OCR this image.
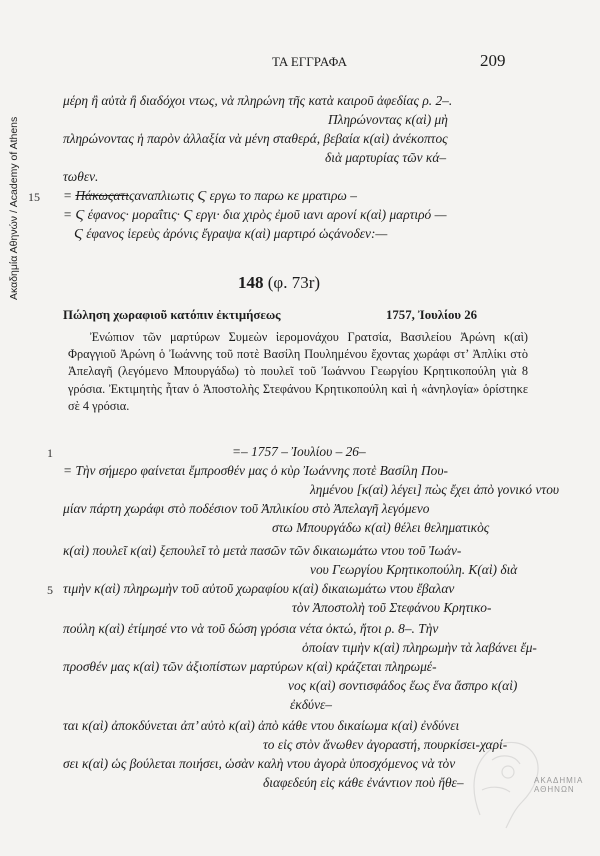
Ακαδημία Αθηνών / Academy of Athens
ΤΑ ΕΓΓΡΑΦΑ	209
μέρη ἢ αὐτὰ ἢ διαδόχοι ντως, νὰ πληρώνη τῆς κατὰ καιροῦ ἀφεδίας ρ. 2–.
Πληρώνοντας κ(αὶ) μὴ
πληρώνοντας ἡ παρὸν ἀλλαξία νὰ μένη σταθερά, βεβαία κ(αὶ) ἀνέκοπτος
διὰ μαρτυρίας τῶν κά–
τωθεν.
15 = Πάκωςατιςαναπλιωτις Ϛ εργω το παρω κε μρατιρω –
= Ϛ έφανος· μοραΐτις· Ϛ εργι· δια χιρὸς ἐμοῦ ιανι αρονί κ(αὶ) μαρτιρό —
Ϛ έφανος ἱερεὺς ἀρόνις ἔγραψα κ(αὶ) μαρτιρό ὡςάνοδεν:—
148 (φ. 73r)
Πώληση χωραφιοῦ κατόπιν ἐκτιμήσεως	1757, Ἰουλίου 26

Ἐνώπιον τῶν μαρτύρων Συμεὼν ἱερομονάχου Γρατσία, Βασιλείου Ἀρώνη κ(αὶ) Φραγγιοῦ Ἀρώνη ὁ Ἰωάννης τοῦ ποτὲ Βασίλη Πουλημένου ἔχοντας χωράφι στ’ Ἀπλίκι στὸ Ἀπελαγῆ (λεγόμενο Μπουργάδω) τὸ πουλεῖ τοῦ Ἰωάννου Γεωργίου Κρητικοπούλη γιὰ 8 γρόσια. Ἐκτιμητὴς ἦταν ὁ Ἀποστολὴς Στεφάνου Κρητικοπούλη καὶ ἡ «ἀνηλογία» ὁρίστηκε σὲ 4 γρόσια.

1	=– 1757 – Ἰουλίου – 26–
= Τὴν σήμερο φαίνεται ἔμπροσθέν μας ὁ κὺρ Ἰωάννης ποτὲ Βασίλη Που-
λημένου [κ(αὶ) λέγει] πὼς ἔχει ἀπὸ γονικό ντου
μίαν πάρτη χωράφι στὸ ποδέσιον τοῦ Ἀπλικίου στὸ Ἀπελαγῆ λεγόμενο
στω Μπουργάδω κ(αὶ) θέλει θεληματικὸς
κ(αὶ) πουλεῖ κ(αὶ) ξεπουλεῖ τὸ μετὰ πασῶν τῶν δικαιωμάτω ντου τοῦ Ἰωάν-
νου Γεωργίου Κρητικοπούλη. Κ(αὶ) διὰ
5 τιμὴν κ(αὶ) πληρωμὴν τοῦ αὐτοῦ χωραφίου κ(αὶ) δικαιωμάτω ντου ἔβαλαν
τὸν Ἀποστολὴ τοῦ Στεφάνου Κρητικο-
πούλη κ(αὶ) ἐτίμησέ ντο νὰ τοῦ δώση γρόσια νέτα ὀκτώ, ἤτοι ρ. 8–. Τὴν
ὁποίαν τιμὴν κ(αὶ) πληρωμὴν τὰ λαβάνει ἔμ-
προσθέν μας κ(αὶ) τῶν ἀξιοπίστων μαρτύρων κ(αὶ) κράζεται πληρωμέ-
νος κ(αὶ) σοντισφάδος ἕως ἕνα ἄσπρο κ(αὶ)
ἐκδύνε–
ται κ(αὶ) ἀποκδύνεται ἀπ’ αὐτὸ κ(αὶ) ἀπὸ κάθε ντου δικαίωμα κ(αὶ) ἐνδύνει
το εἰς στὸν ἄνωθεν ἀγοραστή, πουρκίσει-χαρί-
σει κ(αὶ) ὡς βούλεται ποιήσει, ὡσὰν καλὴ ντου ἀγορὰ ὑποσχόμενος νὰ τὸν
διαφεδεύη εἰς κάθε ἐνάντιον ποὺ ἤθε–	ΑΚΑΔΗΜΙΑ ΑΘΗΝΩΝ
